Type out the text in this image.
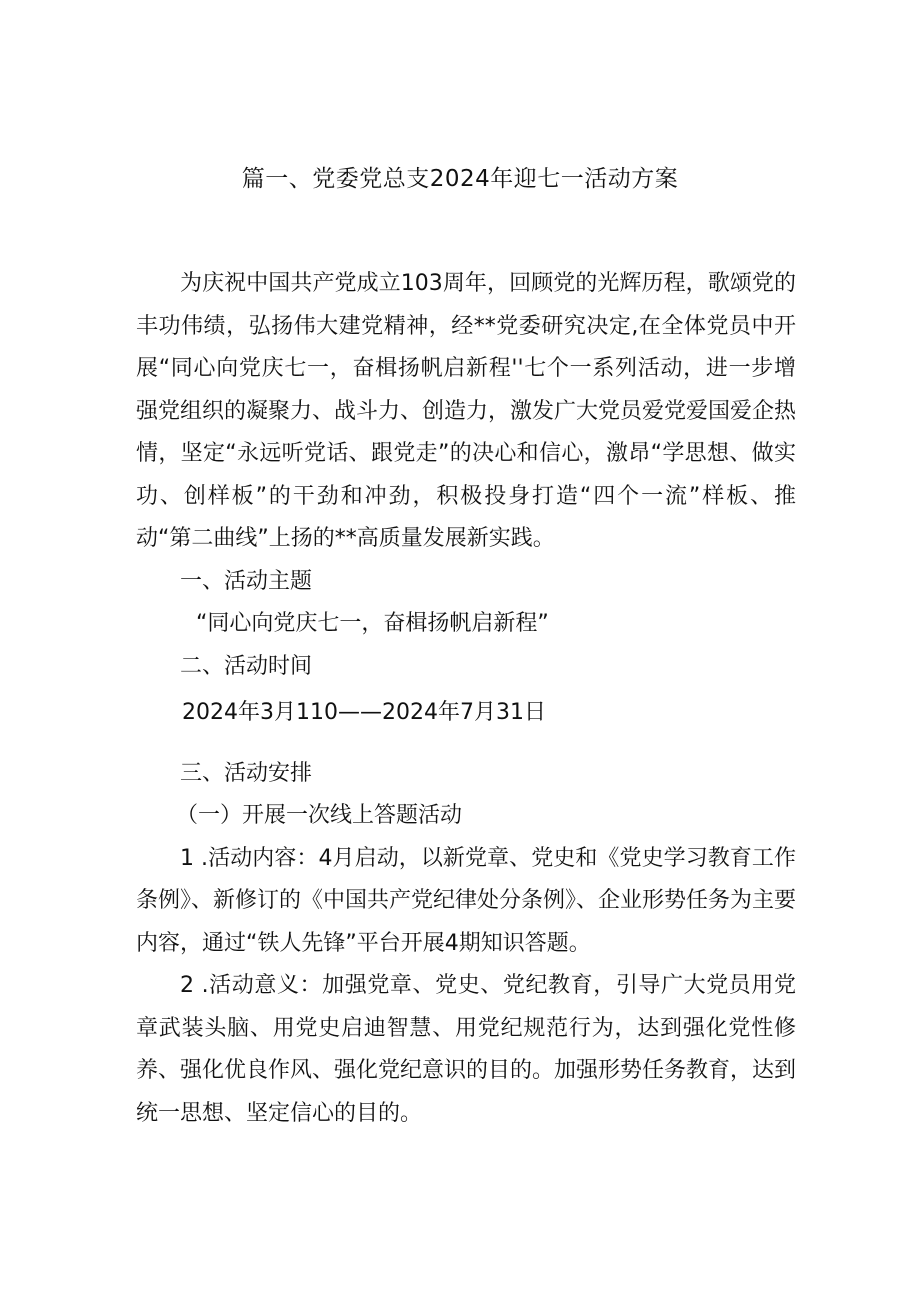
篇一、党委党总支2024年迎七一活动方案

为庆祝中国共产党成立103周年，回顾党的光辉历程，歌颂党的丰功伟绩，弘扬伟大建党精神，经**党委研究决定,在全体党员中开展“同心向党庆七一，奋楫扬帆启新程''七个一系列活动，进一步增强党组织的凝聚力、战斗力、创造力，激发广大党员爱党爱国爱企热情，坚定“永远听党话、跟党走”的决心和信心，激昂“学思想、做实功、创样板”的干劲和冲劲，积极投身打造“四个一流”样板、推动“第二曲线”上扬的**高质量发展新实践。

一、活动主题

“同心向党庆七一，奋楫扬帆启新程”

二、活动时间

2024年3月110——2024年7月31日

三、活动安排

（一）开展一次线上答题活动

1 .活动内容：4月启动，以新党章、党史和《党史学习教育工作条例》、新修订的《中国共产党纪律处分条例》、企业形势任务为主要内容，通过“铁人先锋”平台开展4期知识答题。

2 .活动意义：加强党章、党史、党纪教育，引导广大党员用党章武装头脑、用党史启迪智慧、用党纪规范行为，达到强化党性修养、强化优良作风、强化党纪意识的目的。加强形势任务教育，达到统一思想、坚定信心的目的。
